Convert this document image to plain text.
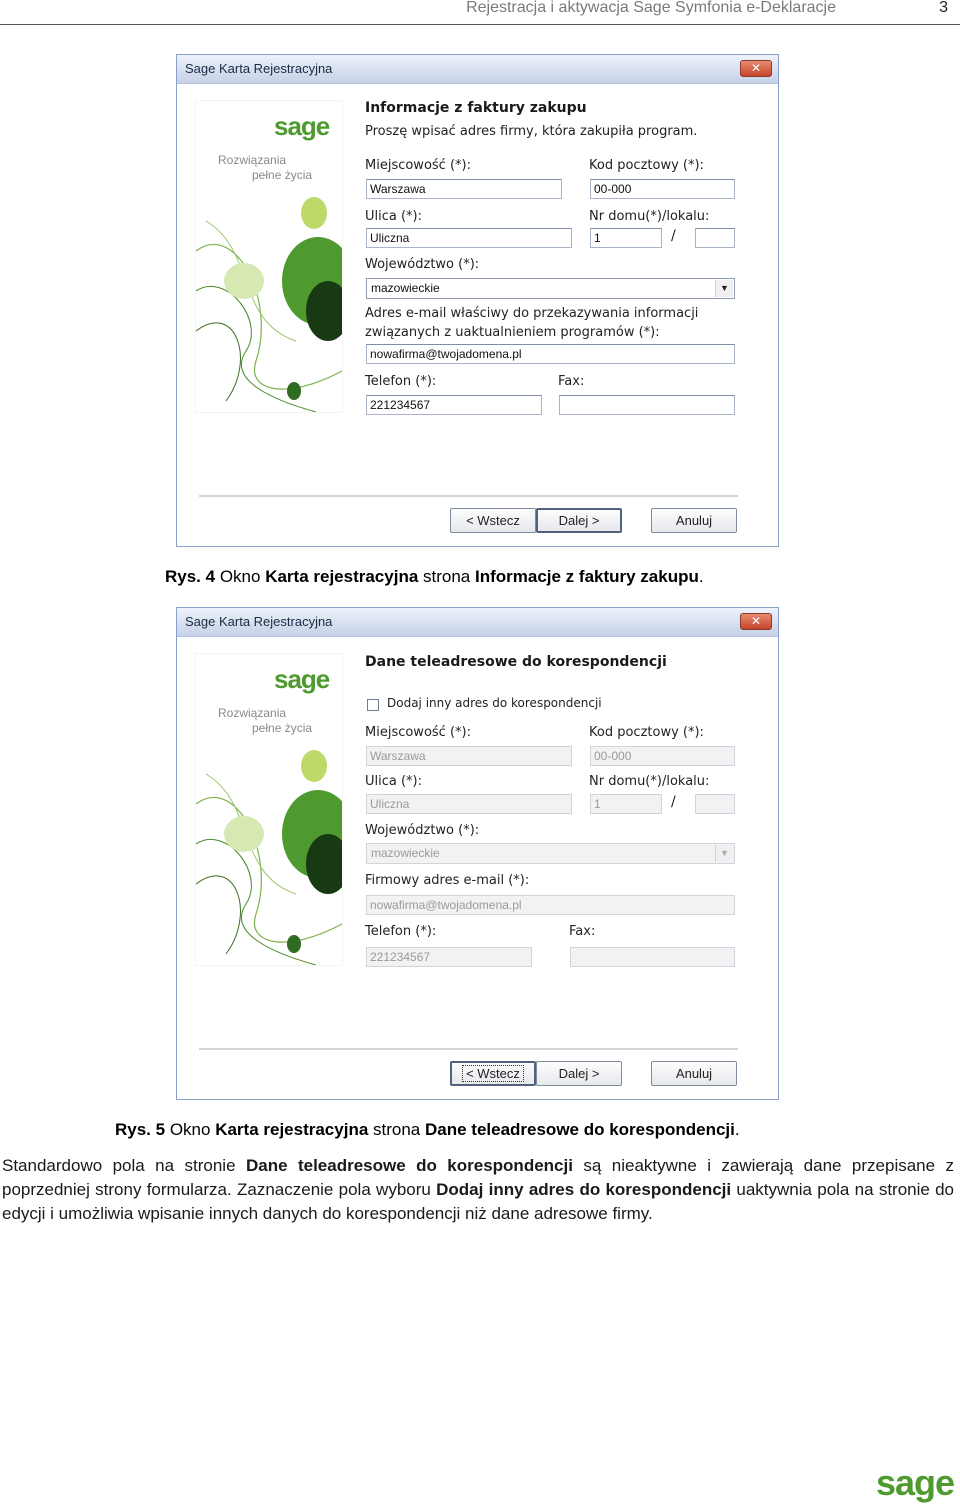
Rejestracja i aktywacja Sage Symfonia e-Deklaracje	3
Sage Karta Rejestracyjna	✕
sage
Rozwiązania
pełne życia
Informacje z faktury zakupu
Proszę wpisać adres firmy, która zakupiła program.
Miejscowość (*):
Warszawa
Kod pocztowy (*):
00-000
Ulica (*):
Uliczna
Nr domu(*)/lokalu:
1	/
Województwo (*):
mazowieckie	▼
Adres e-mail właściwy do przekazywania informacji
związanych z uaktualnieniem programów (*):
nowafirma@twojadomena.pl
Telefon (*):
221234567
Fax:
< Wstecz	Dalej >	Anuluj
Rys. 4 Okno Karta rejestracyjna strona Informacje z faktury zakupu.
Sage Karta Rejestracyjna	✕
sage
Rozwiązania
pełne życia
Dane teleadresowe do korespondencji
Dodaj inny adres do korespondencji
Miejscowość (*):
Warszawa
Kod pocztowy (*):
00-000
Ulica (*):
Uliczna
Nr domu(*)/lokalu:
1	/
Województwo (*):
mazowieckie	▼
Firmowy adres e-mail (*):
nowafirma@twojadomena.pl
Telefon (*):
221234567
Fax:
< Wstecz	Dalej >	Anuluj
Rys. 5 Okno Karta rejestracyjna strona Dane teleadresowe do korespondencji.
Standardowo pola na stronie Dane teleadresowe do korespondencji są nieaktywne i zawierają dane przepisane z poprzedniej strony formularza. Zaznaczenie pola wyboru Dodaj inny adres do korespondencji uaktywnia pola na stronie do edycji i umożliwia wpisanie innych danych do korespondencji niż dane adresowe firmy.
sage
